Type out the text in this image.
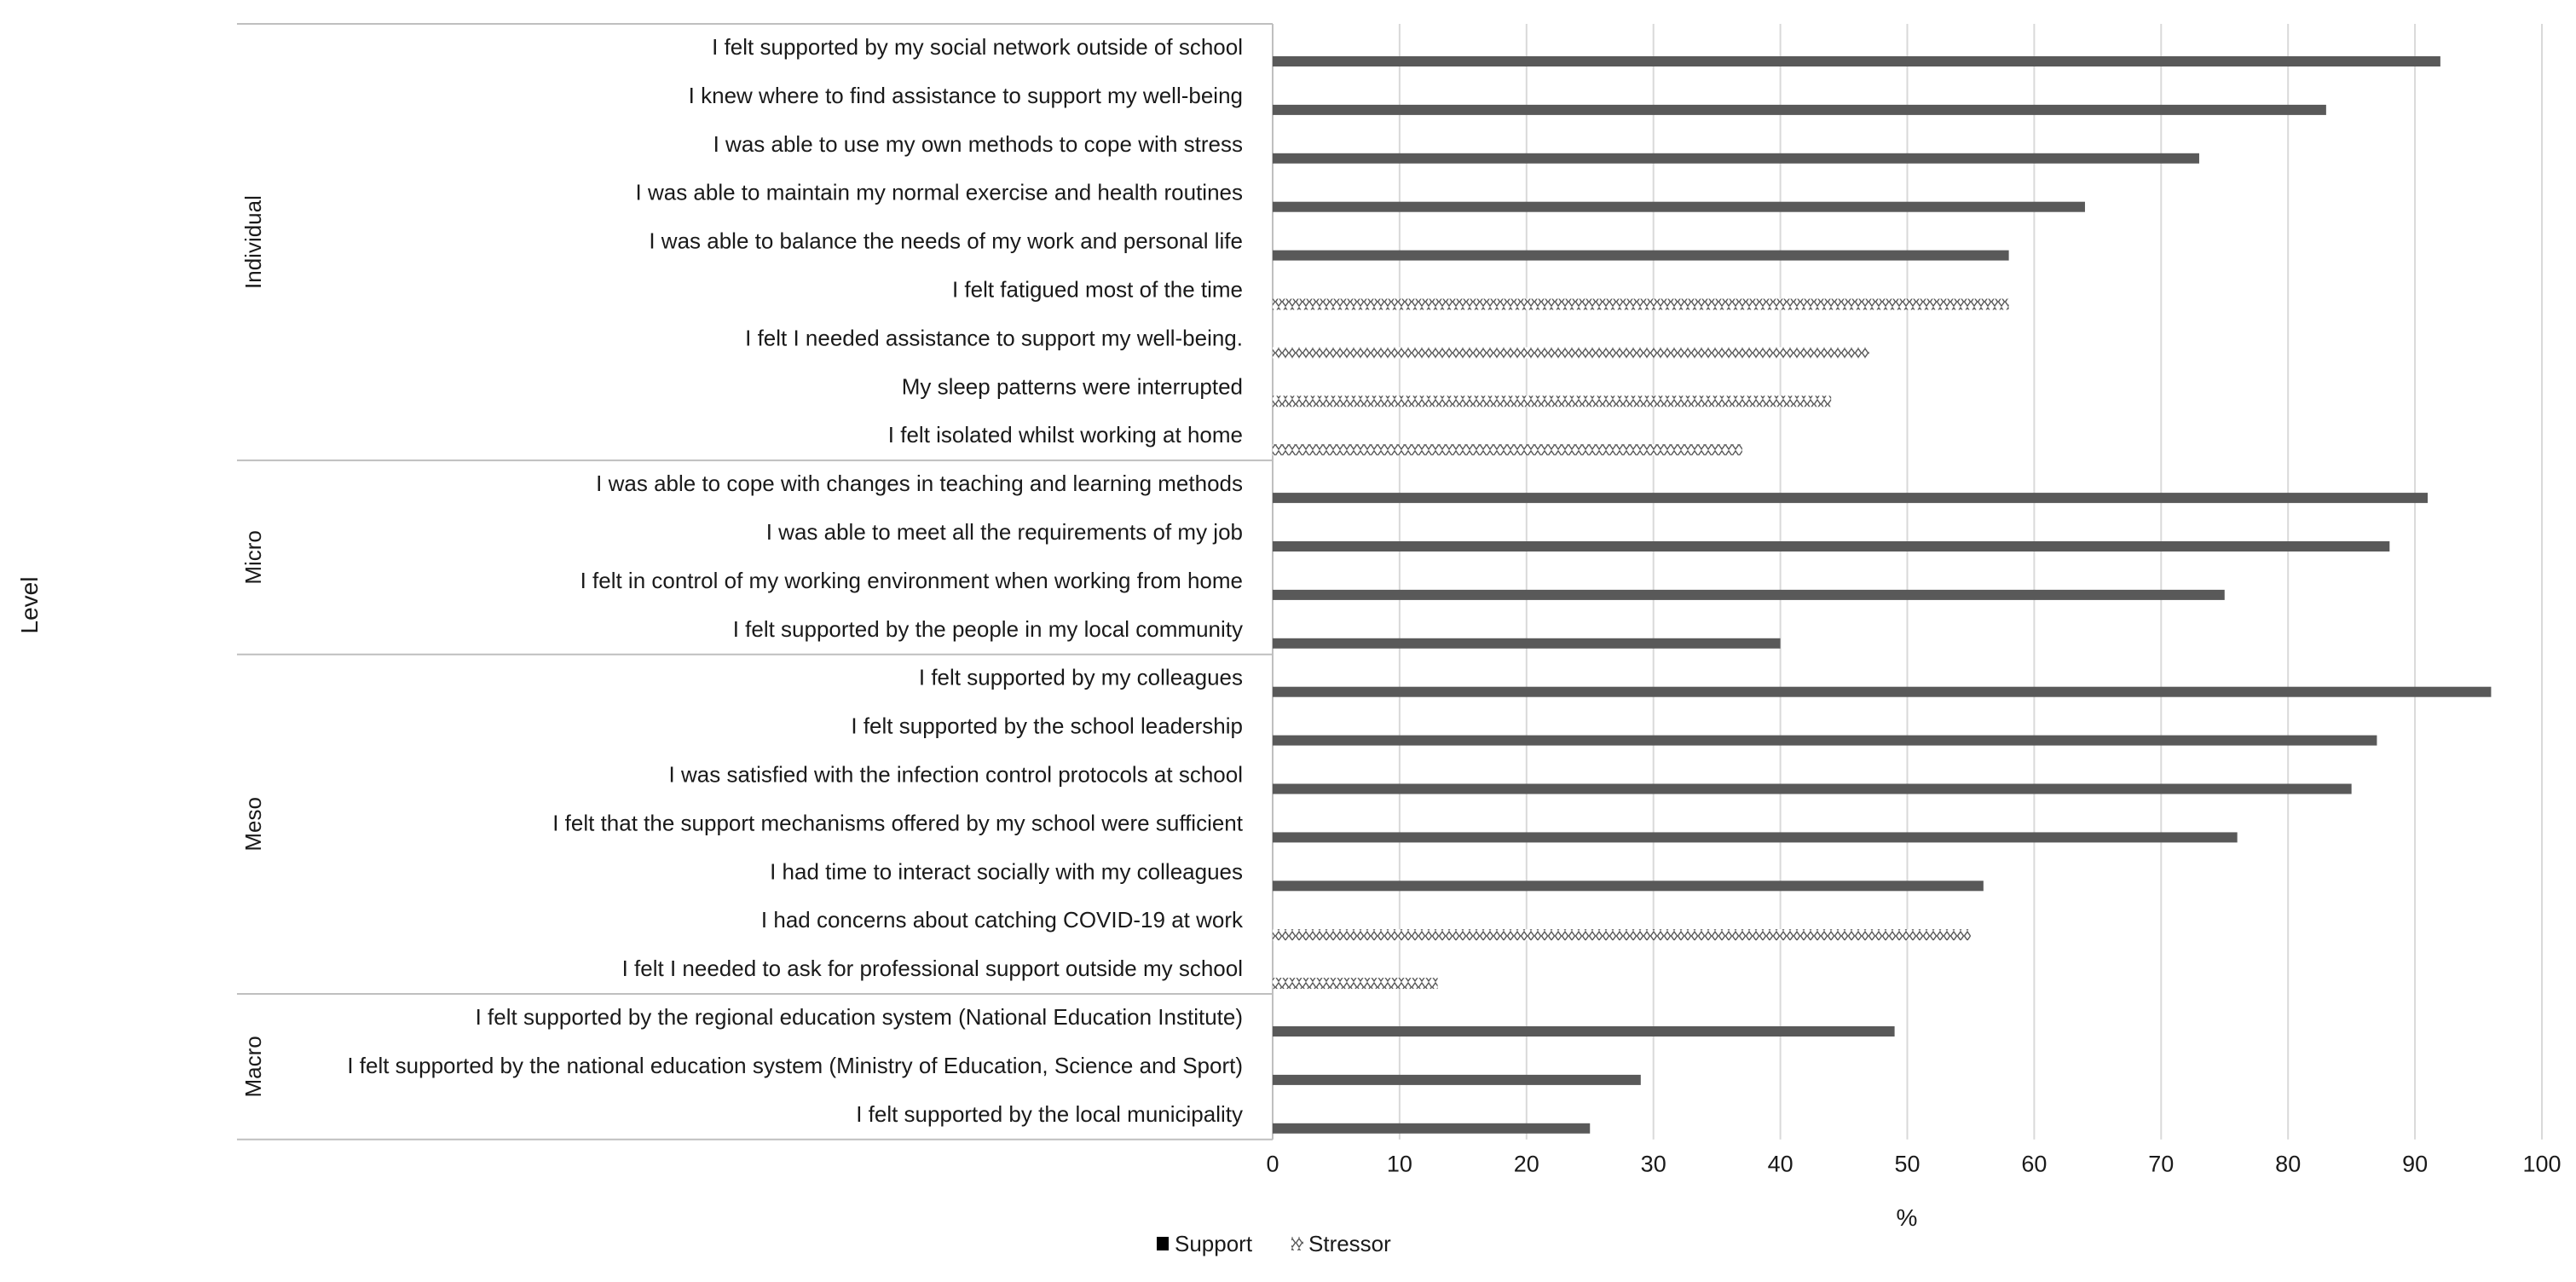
I felt supported by my social network outside of school
I knew where to find assistance to support my well-being
I was able to use my own methods to cope with stress
I was able to maintain my normal exercise and health routines
I was able to balance the needs of my work and personal life
I felt fatigued most of the time
I felt I needed assistance to support my well-being.
My sleep patterns were interrupted
I felt isolated whilst working at home
I was able to cope with changes in teaching and learning methods
I was able to meet all the requirements of my job
I felt in control of my working environment when working from home
I felt supported by the people in my local community
I felt supported by my colleagues
I felt supported by the school leadership
I was satisfied with the infection control protocols at school
I felt that the support mechanisms offered by my school were sufficient
I had time to interact socially with my colleagues
I had concerns about catching COVID-19 at work
I felt I needed to ask for professional support outside my school
I felt supported by the regional education system (National Education Institute)
I felt supported by the national education system (Ministry of Education, Science and Sport)
I felt supported by the local municipality
Individual
Micro
Meso
Macro
0	10	20	30	40	50	60	70	80	90	100
%
Level
Support	Stressor
